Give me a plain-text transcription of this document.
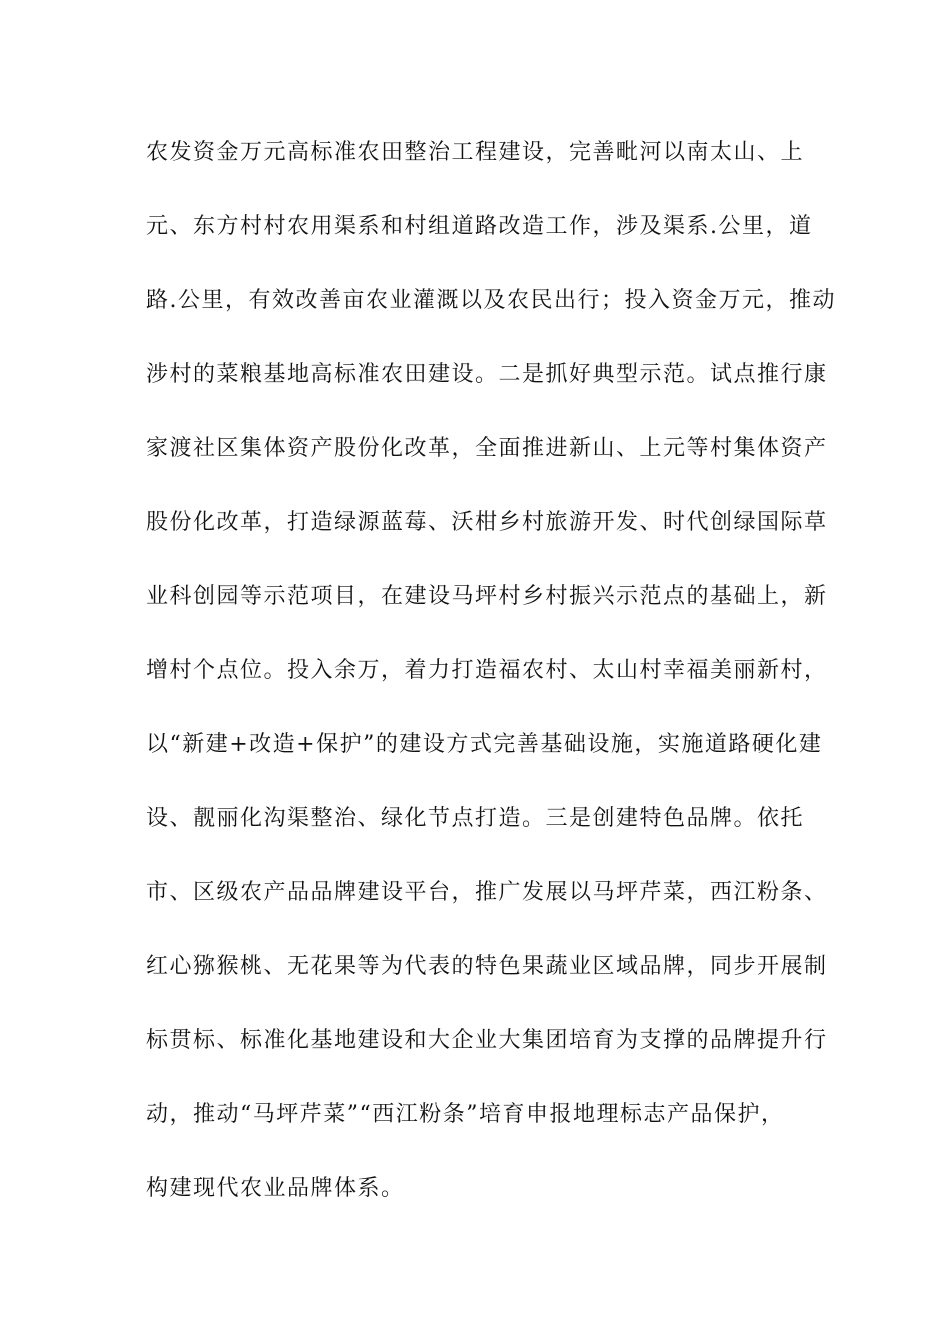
农发资金万元高标准农田整治工程建设，完善毗河以南太山、上
元、东方村村农用渠系和村组道路改造工作，涉及渠系.公里，道
路.公里，有效改善亩农业灌溉以及农民出行；投入资金万元，推动
涉村的菜粮基地高标准农田建设。二是抓好典型示范。试点推行康
家渡社区集体资产股份化改革，全面推进新山、上元等村集体资产
股份化改革，打造绿源蓝莓、沃柑乡村旅游开发、时代创绿国际草
业科创园等示范项目，在建设马坪村乡村振兴示范点的基础上，新
增村个点位。投入余万，着力打造福农村、太山村幸福美丽新村，
以“新建+改造+保护”的建设方式完善基础设施，实施道路硬化建
设、靓丽化沟渠整治、绿化节点打造。三是创建特色品牌。依托
市、区级农产品品牌建设平台，推广发展以马坪芹菜，西江粉条、
红心猕猴桃、无花果等为代表的特色果蔬业区域品牌，同步开展制
标贯标、标准化基地建设和大企业大集团培育为支撑的品牌提升行
动，推动“马坪芹菜”“西江粉条”培育申报地理标志产品保护，
构建现代农业品牌体系。
